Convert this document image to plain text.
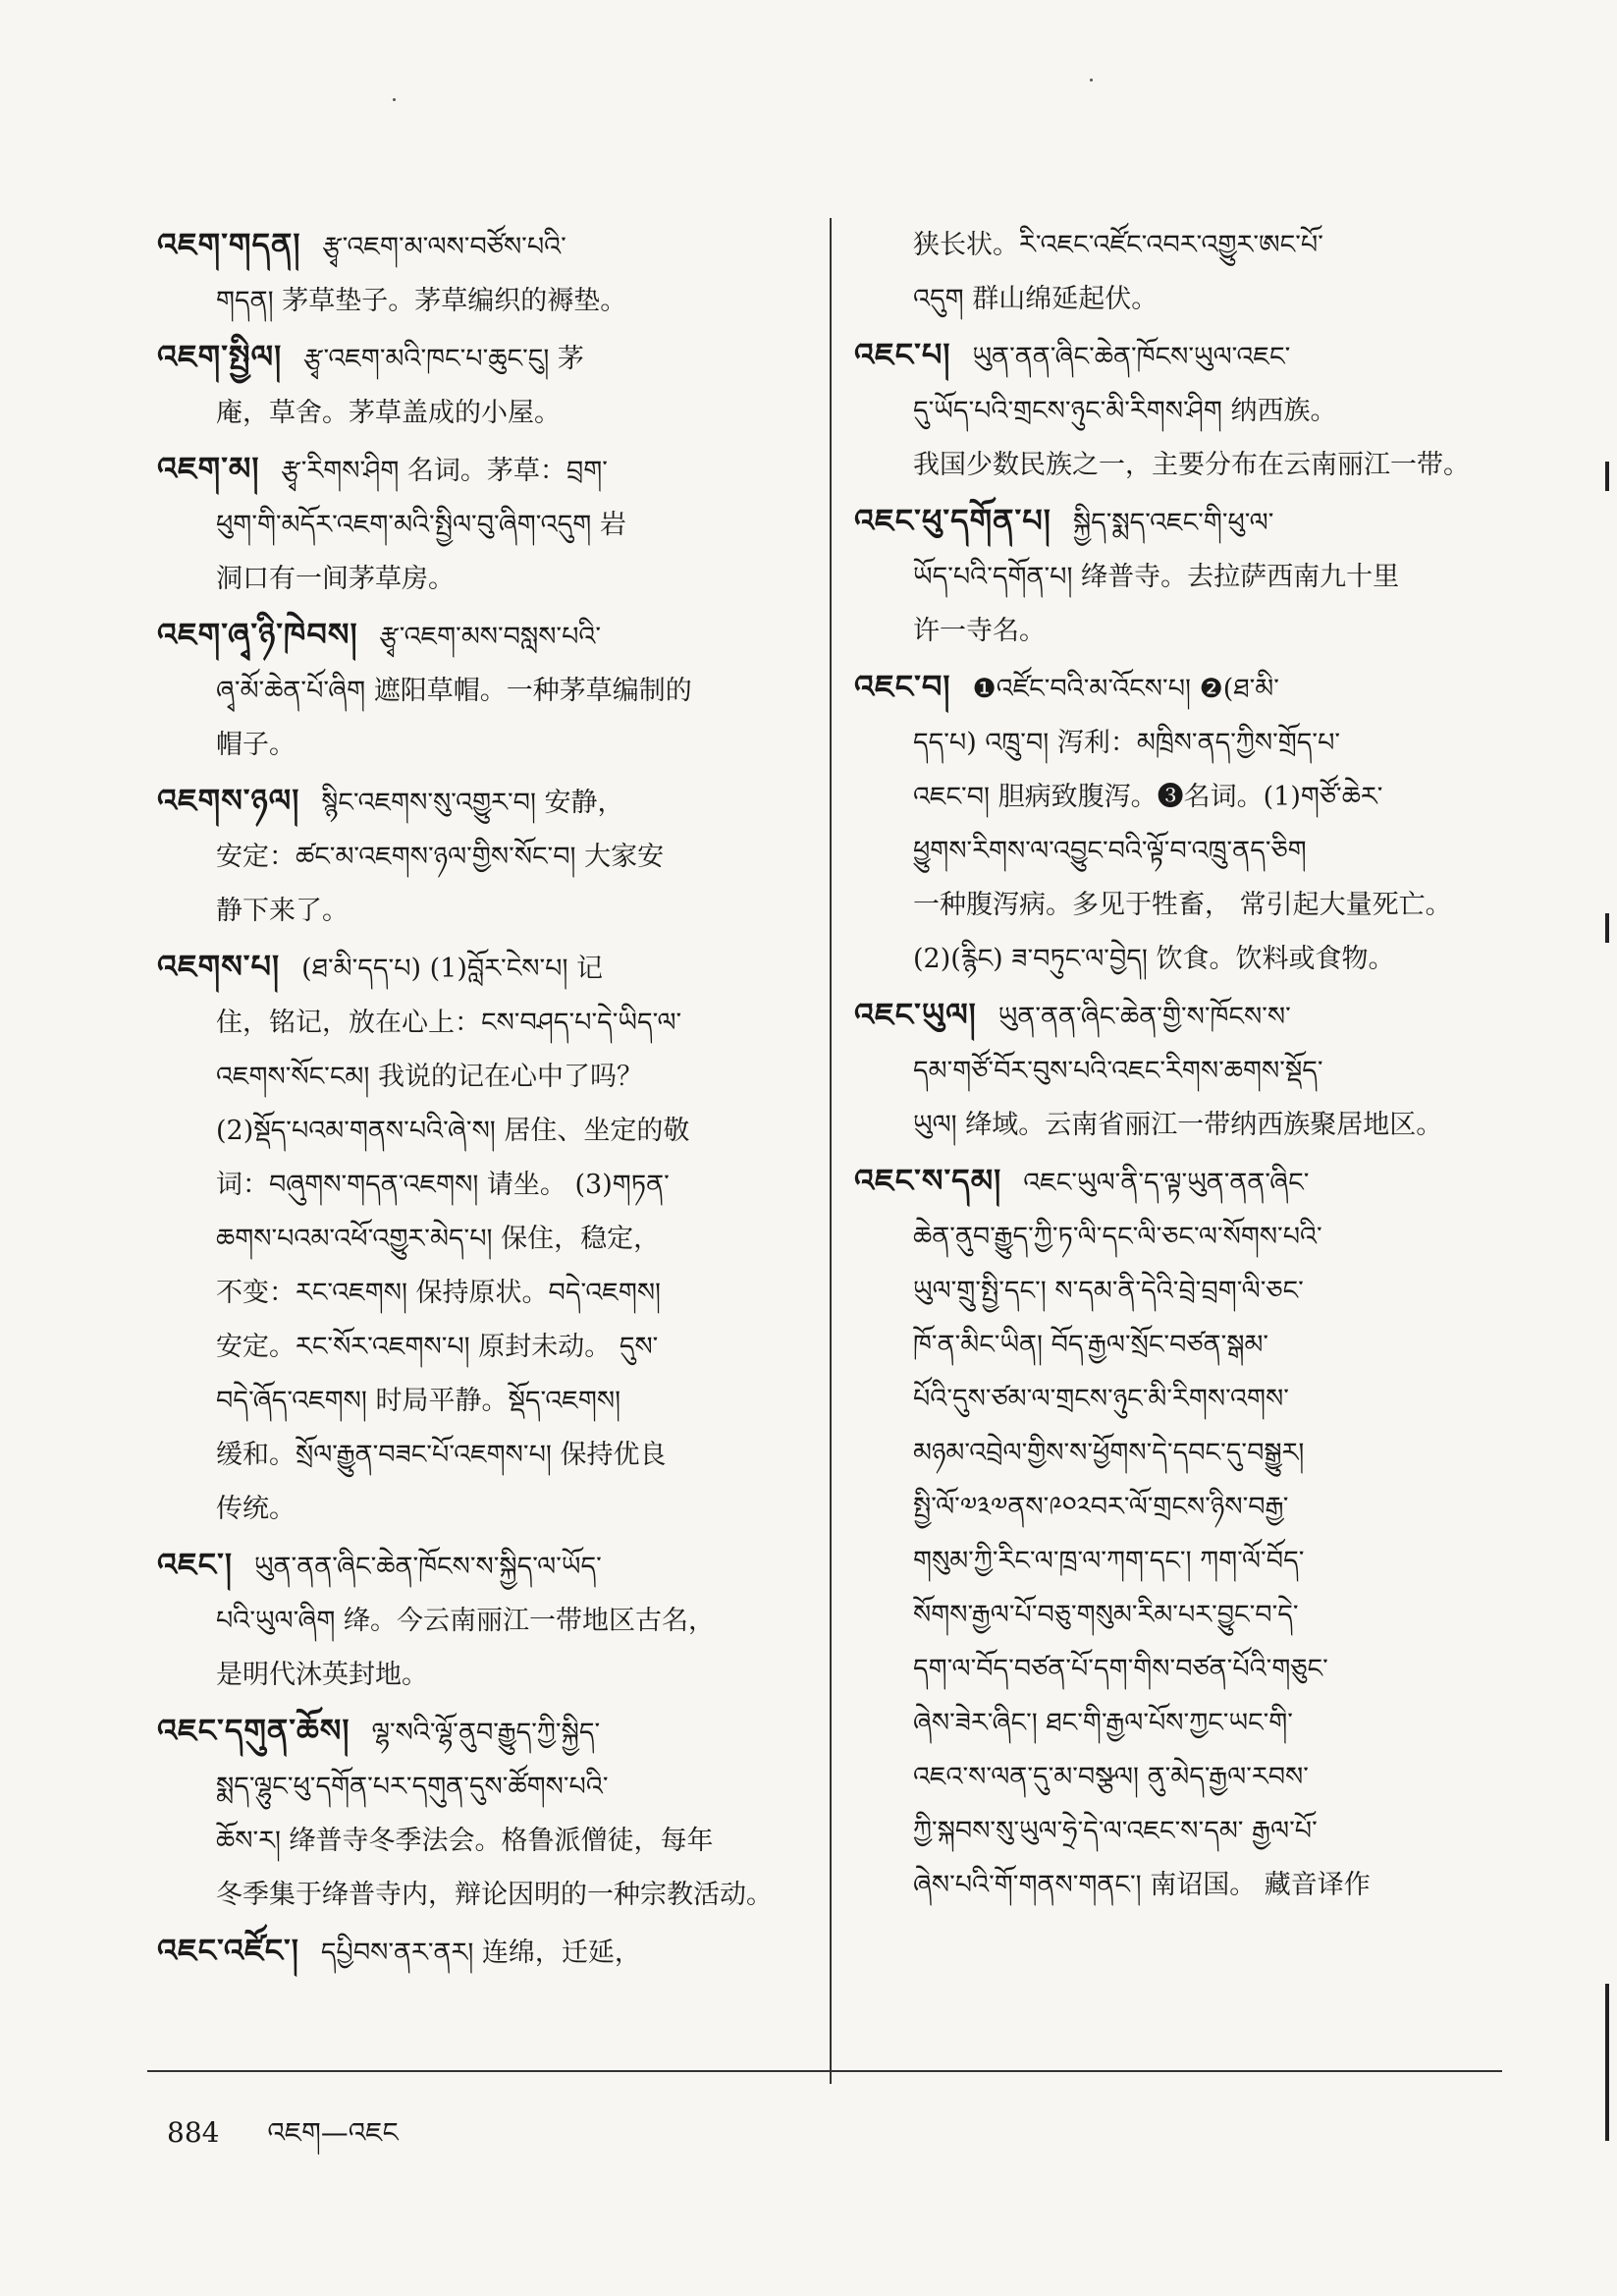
འཇག་གདན། རྩྭ་འཇག་མ་ལས་བཙོས་པའི་
གདན། 茅草垫子。茅草编织的褥垫。
འཇག་སྤྱིལ། རྩྭ་འཇག་མའི་ཁང་པ་ཆུང་ངུ། 茅
庵，草舍。茅草盖成的小屋。
འཇག་མ། རྩྭ་རིགས་ཤིག 名词。茅草：བྲག་
ཕུག་གི་མདོར་འཇག་མའི་སྤྱིལ་བུ་ཞིག་འདུག 岩
洞口有一间茅草房。
འཇག་ཞྭ་ཉི་ཁེབས། རྩྭ་འཇག་མས་བསླས་པའི་
ཞྭ་མོ་ཆེན་པོ་ཞིག 遮阳草帽。一种茅草编制的
帽子。
འཇགས་ཉལ། སྙིང་འཇགས་སུ་འགྱུར་བ། 安静，
安定：ཚང་མ་འཇགས་ཉལ་གྱིས་སོང་བ། 大家安
静下来了。
འཇགས་པ། (ཐ་མི་དད་པ) (1)བློར་ངེས་པ། 记
住，铭记，放在心上：ངས་བཤད་པ་དེ་ཡིད་ལ་
འཇགས་སོང་ངམ། 我说的记在心中了吗？
(2)སྡོད་པའམ་གནས་པའི་ཞེ་ས། 居住、坐定的敬
词：བཞུགས་གདན་འཇགས། 请坐。 (3)གཏན་
ཆགས་པའམ་འཕོ་འགྱུར་མེད་པ། 保住，稳定，
不变：རང་འཇགས། 保持原状。བདེ་འཇགས།
安定。རང་སོར་འཇགས་པ། 原封未动。 དུས་
བདེ་ཞོད་འཇགས། 时局平静。སྡོད་འཇགས།
缓和。སྲོལ་རྒྱུན་བཟང་པོ་འཇགས་པ། 保持优良
传统。
འཇང་། ཡུན་ནན་ཞིང་ཆེན་ཁོངས་ས་སྐྱིད་ལ་ཡོད་
པའི་ཡུལ་ཞིག 绛。今云南丽江一带地区古名，
是明代沐英封地。
འཇང་དགུན་ཆོས། ལྷ་སའི་ལྷོ་ནུབ་རྒྱུད་ཀྱི་སྐྱིད་
སྨད་ལྷུང་ཕུ་དགོན་པར་དགུན་དུས་ཚོགས་པའི་
ཆོས་ར། 绛普寺冬季法会。格鲁派僧徒，每年
冬季集于绛普寺内，辩论因明的一种宗教活动。
འཇང་འཛོང་། དཔྱིབས་ནར་ནར། 连绵，迁延，
狭长状。རི་འཇང་འཛོང་འབར་འགྱུར་ཨང་པོ་
འདུག 群山绵延起伏。
འཇང་པ། ཡུན་ནན་ཞིང་ཆེན་ཁོངས་ཡུལ་འཇང་
དུ་ཡོད་པའི་གྲངས་ཉུང་མི་རིགས་ཤིག 纳西族。
我国少数民族之一，主要分布在云南丽江一带。
འཇང་ཕུ་དགོན་པ། སྐྱིད་སྨད་འཇང་གི་ཕུ་ལ་
ཡོད་པའི་དགོན་པ། 绛普寺。去拉萨西南九十里
许一寺名。
འཇང་བ། ❶འཛོང་བའི་མ་འོངས་པ། ❷(ཐ་མི་
དད་པ) འཁྲུ་བ། 泻利：མཁྲིས་ནད་ཀྱིས་གྲོད་པ་
འཇང་བ། 胆病致腹泻。❸名词。(1)གཙོ་ཆེར་
ཕྱུགས་རིགས་ལ་འབྱུང་བའི་ལྟོ་བ་འཁྲུ་ནད་ཅིག
一种腹泻病。多见于牲畜， 常引起大量死亡。
(2)(རྙིང) ཟ་བཏུང་ལ་བྱེད། 饮食。饮料或食物。
འཇང་ཡུལ། ཡུན་ནན་ཞིང་ཆེན་གྱི་ས་ཁོངས་ས་
དམ་གཙོ་བོར་བུས་པའི་འཇང་རིགས་ཆགས་སྡོད་
ཡུལ། 绛域。云南省丽江一带纳西族聚居地区。
འཇང་ས་དམ། འཇང་ཡུལ་ནི་ད་ལྟ་ཡུན་ནན་ཞིང་
ཆེན་ནུབ་རྒྱུད་ཀྱི་ཏ་ལི་དང་ལི་ཅང་ལ་སོགས་པའི་
ཡུལ་གྲུ་སྤྱི་དང་། ས་དམ་ནི་དེའི་བྲེ་བྲག་ལི་ཅང་
ཁོ་ན་མིང་ཡིན། བོད་རྒྱལ་སྲོང་བཙན་སྒམ་
པོའི་དུས་ཙམ་ལ་གྲངས་ཉུང་མི་རིགས་འགས་
མཉམ་འབྲེལ་གྱིས་ས་ཕྱོགས་དེ་དབང་དུ་བསྒྱུར།
སྤྱི་ལོ་༧༣༧ནས་༩༠༢བར་ལོ་གྲངས་ཉིས་བརྒྱ་
གསུམ་ཀྱི་རིང་ལ་ཁྲ་ལ་ཀག་དང་། ཀག་ལོ་བོད་
སོགས་རྒྱལ་པོ་བཅུ་གསུམ་རིམ་པར་བྱུང་བ་དེ་
དག་ལ་བོད་བཙན་པོ་དག་གིས་བཙན་པོའི་གཅུང་
ཞེས་ཟེར་ཞིང་། ཐང་གི་རྒྱལ་པོས་ཀྱང་ཡང་གི་
འཇའ་ས་ལན་དུ་མ་བསྩལ། ནུ་མེད་རྒྱལ་རབས་
ཀྱི་སྐབས་སུ་ཡུལ་ཧྲེ་དེ་ལ་འཇང་ས་དམ་ རྒྱལ་པོ་
ཞེས་པའི་གོ་གནས་གནང་། 南诏国。 藏音译作
884 འཇག—འཇང
